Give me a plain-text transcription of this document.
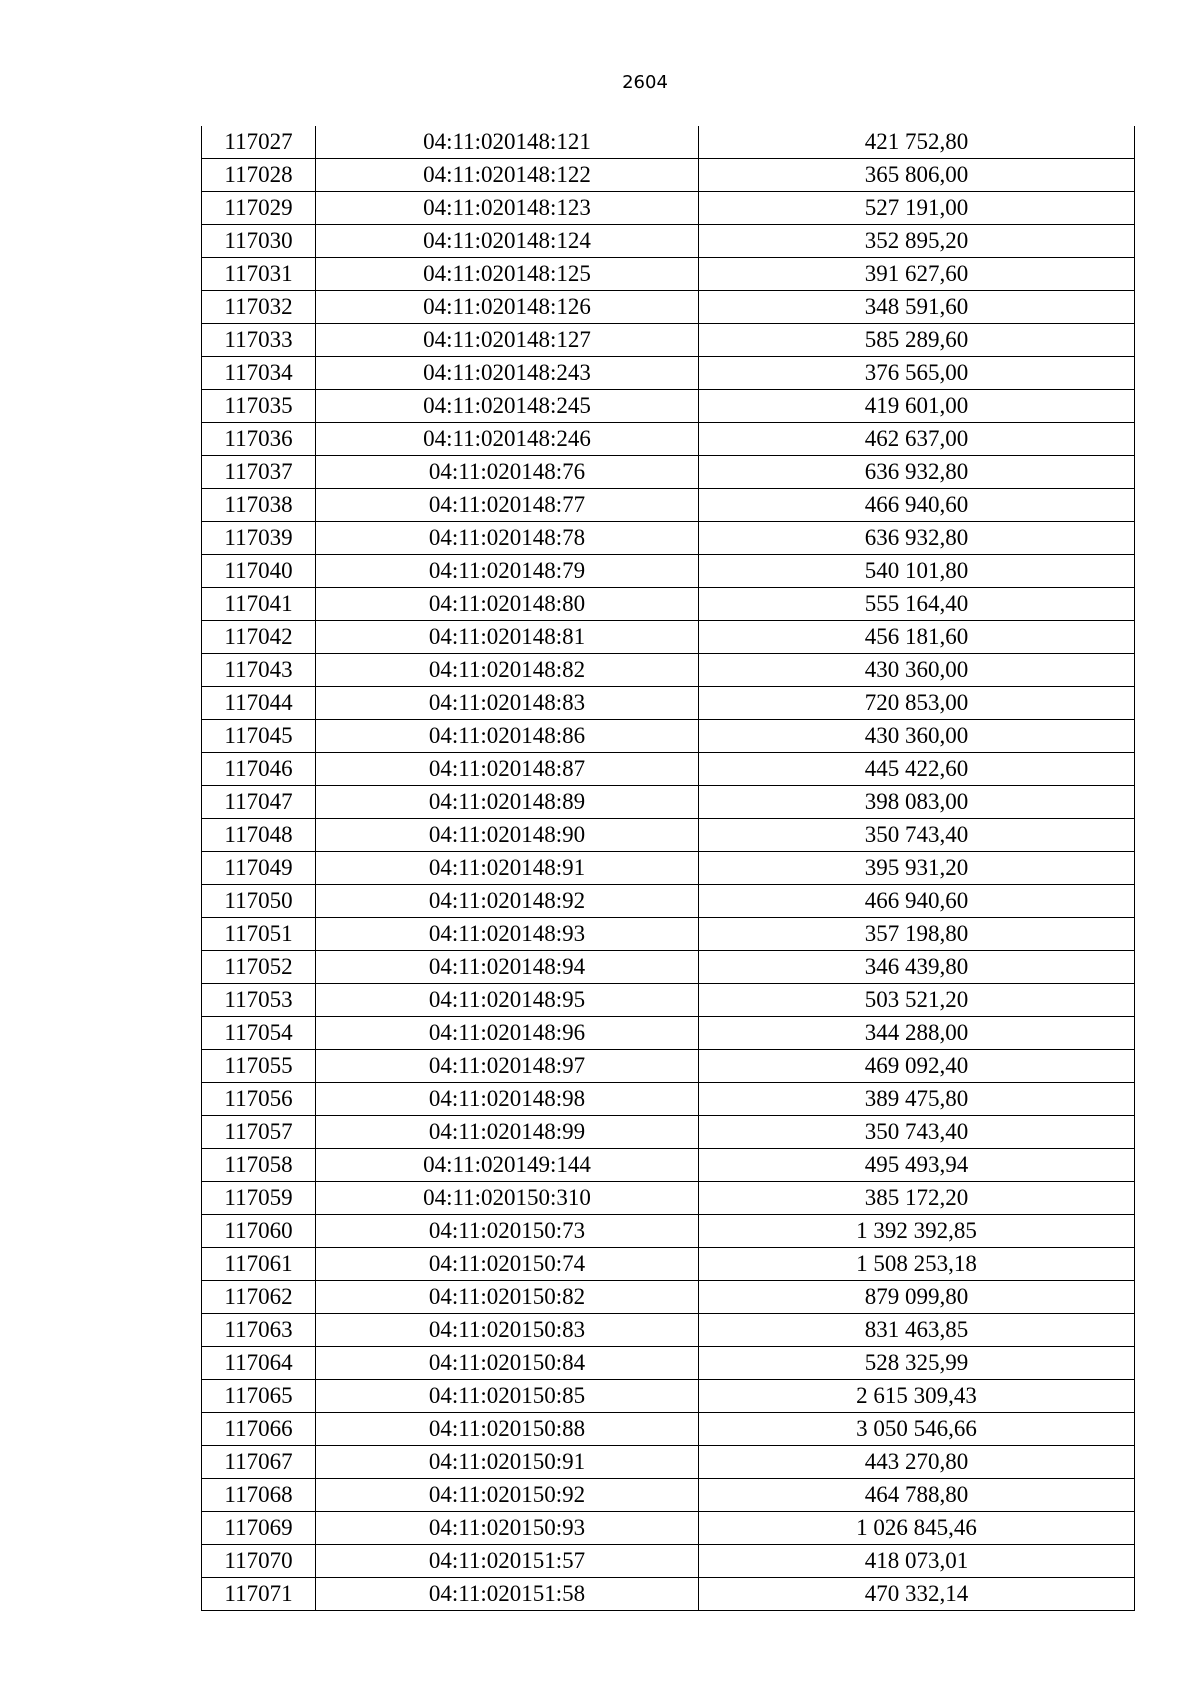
2604
117027	04:11:020148:121	421 752,80
117028	04:11:020148:122	365 806,00
117029	04:11:020148:123	527 191,00
117030	04:11:020148:124	352 895,20
117031	04:11:020148:125	391 627,60
117032	04:11:020148:126	348 591,60
117033	04:11:020148:127	585 289,60
117034	04:11:020148:243	376 565,00
117035	04:11:020148:245	419 601,00
117036	04:11:020148:246	462 637,00
117037	04:11:020148:76	636 932,80
117038	04:11:020148:77	466 940,60
117039	04:11:020148:78	636 932,80
117040	04:11:020148:79	540 101,80
117041	04:11:020148:80	555 164,40
117042	04:11:020148:81	456 181,60
117043	04:11:020148:82	430 360,00
117044	04:11:020148:83	720 853,00
117045	04:11:020148:86	430 360,00
117046	04:11:020148:87	445 422,60
117047	04:11:020148:89	398 083,00
117048	04:11:020148:90	350 743,40
117049	04:11:020148:91	395 931,20
117050	04:11:020148:92	466 940,60
117051	04:11:020148:93	357 198,80
117052	04:11:020148:94	346 439,80
117053	04:11:020148:95	503 521,20
117054	04:11:020148:96	344 288,00
117055	04:11:020148:97	469 092,40
117056	04:11:020148:98	389 475,80
117057	04:11:020148:99	350 743,40
117058	04:11:020149:144	495 493,94
117059	04:11:020150:310	385 172,20
117060	04:11:020150:73	1 392 392,85
117061	04:11:020150:74	1 508 253,18
117062	04:11:020150:82	879 099,80
117063	04:11:020150:83	831 463,85
117064	04:11:020150:84	528 325,99
117065	04:11:020150:85	2 615 309,43
117066	04:11:020150:88	3 050 546,66
117067	04:11:020150:91	443 270,80
117068	04:11:020150:92	464 788,80
117069	04:11:020150:93	1 026 845,46
117070	04:11:020151:57	418 073,01
117071	04:11:020151:58	470 332,14
